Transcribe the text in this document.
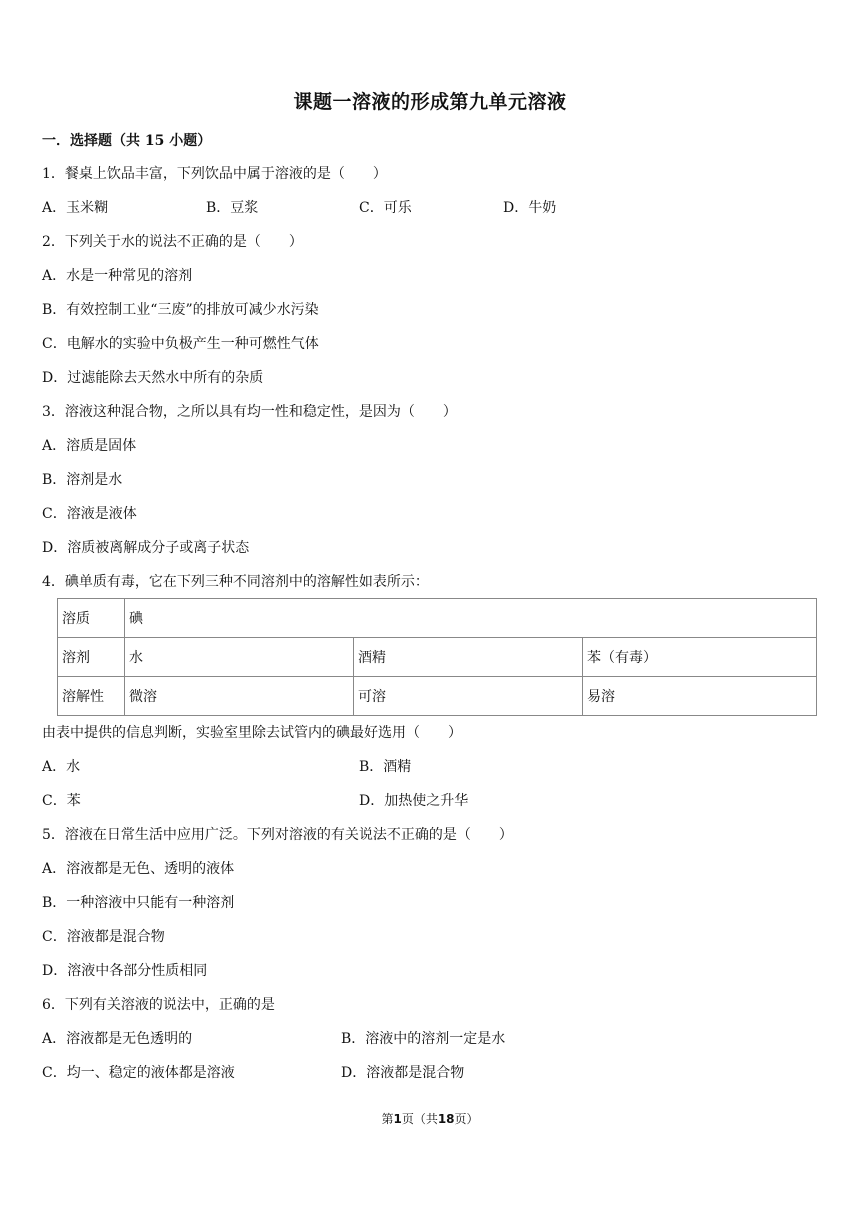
课题一溶液的形成第九单元溶液
一．选择题（共 15 小题）
1．餐桌上饮品丰富，下列饮品中属于溶液的是（　　）
A．玉米糊	B．豆浆	C．可乐	D．牛奶
2．下列关于水的说法不正确的是（　　）
A．水是一种常见的溶剂
B．有效控制工业“三废”的排放可减少水污染
C．电解水的实验中负极产生一种可燃性气体
D．过滤能除去天然水中所有的杂质
3．溶液这种混合物，之所以具有均一性和稳定性，是因为（　　）
A．溶质是固体
B．溶剂是水
C．溶液是液体
D．溶质被离解成分子或离子状态
4．碘单质有毒，它在下列三种不同溶剂中的溶解性如表所示：
溶质	碘		
溶剂	水	酒精	苯（有毒）
溶解性	微溶	可溶	易溶
由表中提供的信息判断，实验室里除去试管内的碘最好选用（　　）
A．水	B．酒精
C．苯	D．加热使之升华
5．溶液在日常生活中应用广泛。下列对溶液的有关说法不正确的是（　　）
A．溶液都是无色、透明的液体
B．一种溶液中只能有一种溶剂
C．溶液都是混合物
D．溶液中各部分性质相同
6．下列有关溶液的说法中，正确的是
A．溶液都是无色透明的	B．溶液中的溶剂一定是水
C．均一、稳定的液体都是溶液	D．溶液都是混合物
第1页（共18页）
